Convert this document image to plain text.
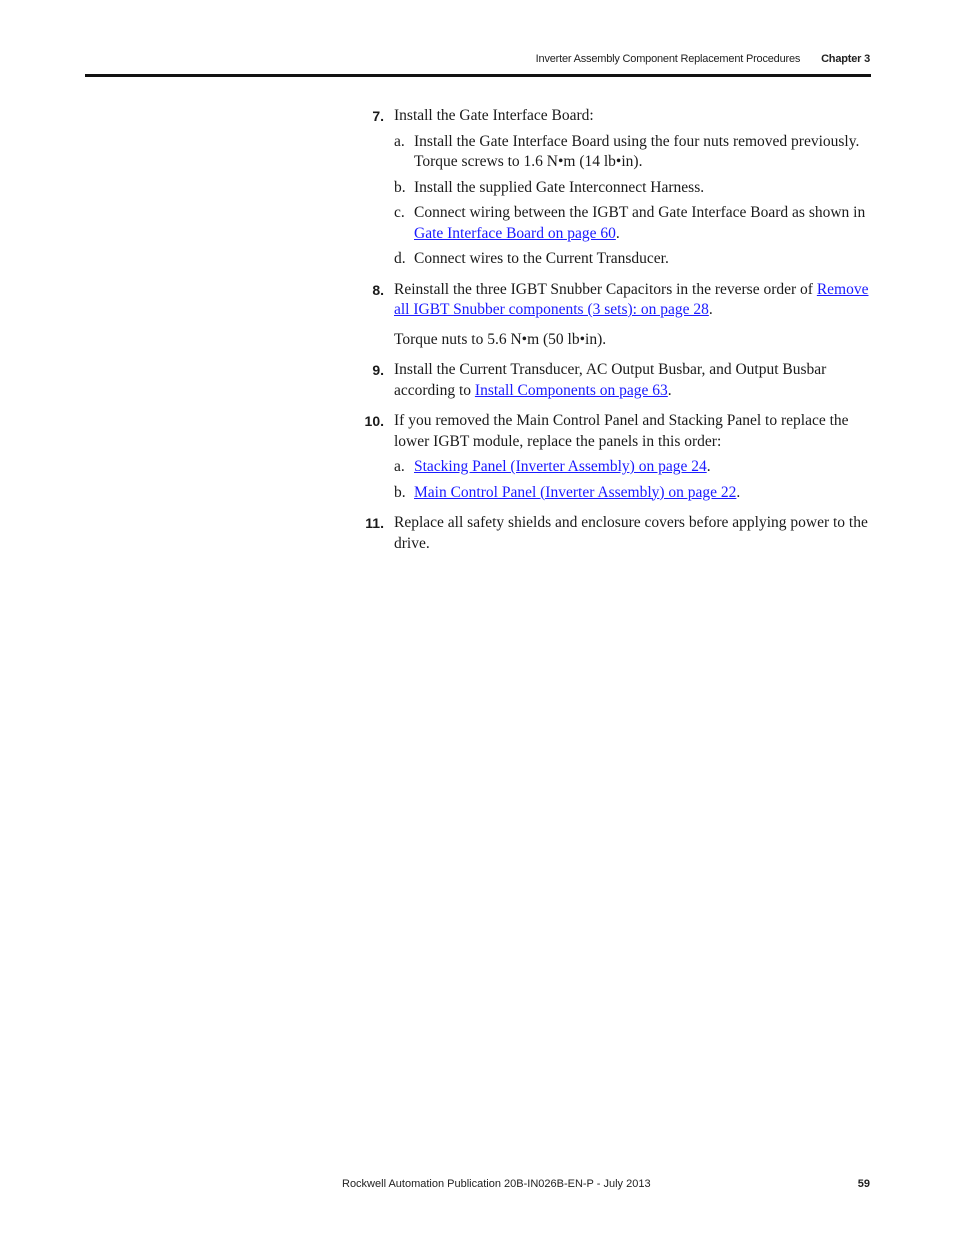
Inverter Assembly Component Replacement Procedures Chapter 3
7. Install the Gate Interface Board:

a. Install the Gate Interface Board using the four nuts removed previously. Torque screws to 1.6 N•m (14 lb•in).
b. Install the supplied Gate Interconnect Harness.
c. Connect wiring between the IGBT and Gate Interface Board as shown in Gate Interface Board on page 60.
d. Connect wires to the Current Transducer.
8. Reinstall the three IGBT Snubber Capacitors in the reverse order of Remove all IGBT Snubber components (3 sets): on page 28.

Torque nuts to 5.6 N•m (50 lb•in).

9. Install the Current Transducer, AC Output Busbar, and Output Busbar according to Install Components on page 63.

10. If you removed the Main Control Panel and Stacking Panel to replace the lower IGBT module, replace the panels in this order:

a. Stacking Panel (Inverter Assembly) on page 24.
b. Main Control Panel (Inverter Assembly) on page 22.
11. Replace all safety shields and enclosure covers before applying power to the drive.

Rockwell Automation Publication 20B-IN026B-EN-P - July 2013	59
